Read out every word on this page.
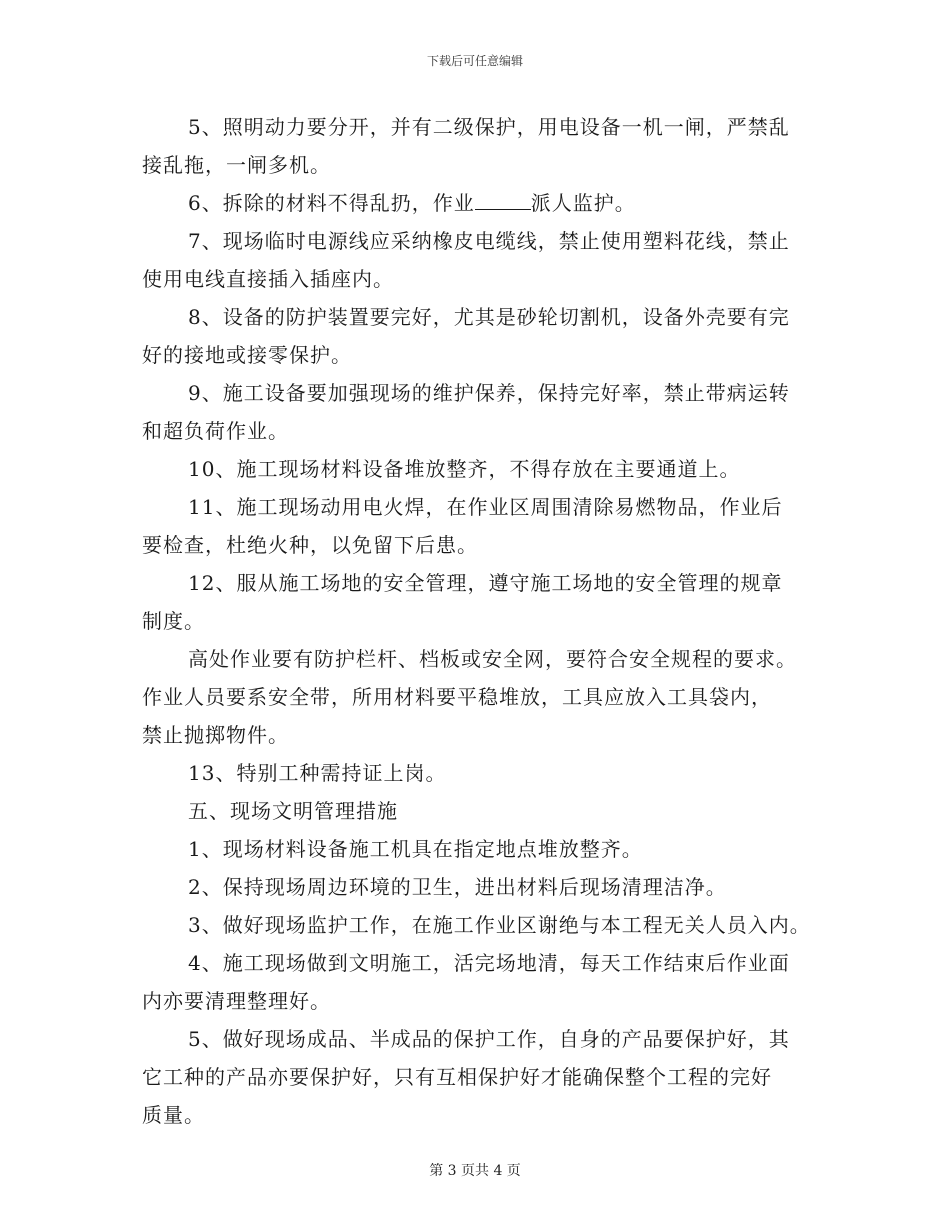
下载后可任意编辑

5、照明动力要分开，并有二级保护，用电设备一机一闸，严禁乱
接乱拖，一闸多机。

6、拆除的材料不得乱扔，作业	派人监护。

7、现场临时电源线应采纳橡皮电缆线，禁止使用塑料花线，禁止
使用电线直接插入插座内。

8、设备的防护装置要完好，尤其是砂轮切割机，设备外壳要有完
好的接地或接零保护。

9、施工设备要加强现场的维护保养，保持完好率，禁止带病运转
和超负荷作业。

10、施工现场材料设备堆放整齐，不得存放在主要通道上。

11、施工现场动用电火焊，在作业区周围清除易燃物品，作业后
要检查，杜绝火种，以免留下后患。

12、服从施工场地的安全管理，遵守施工场地的安全管理的规章
制度。

高处作业要有防护栏杆、档板或安全网，要符合安全规程的要求。
作业人员要系安全带，所用材料要平稳堆放，工具应放入工具袋内，
禁止抛掷物件。

13、特别工种需持证上岗。

五、现场文明管理措施

1、现场材料设备施工机具在指定地点堆放整齐。

2、保持现场周边环境的卫生，进出材料后现场清理洁净。

3、做好现场监护工作，在施工作业区谢绝与本工程无关人员入内。

4、施工现场做到文明施工，活完场地清，每天工作结束后作业面
内亦要清理整理好。

5、做好现场成品、半成品的保护工作，自身的产品要保护好，其
它工种的产品亦要保护好，只有互相保护好才能确保整个工程的完好
质量。

第 3 页共 4 页
